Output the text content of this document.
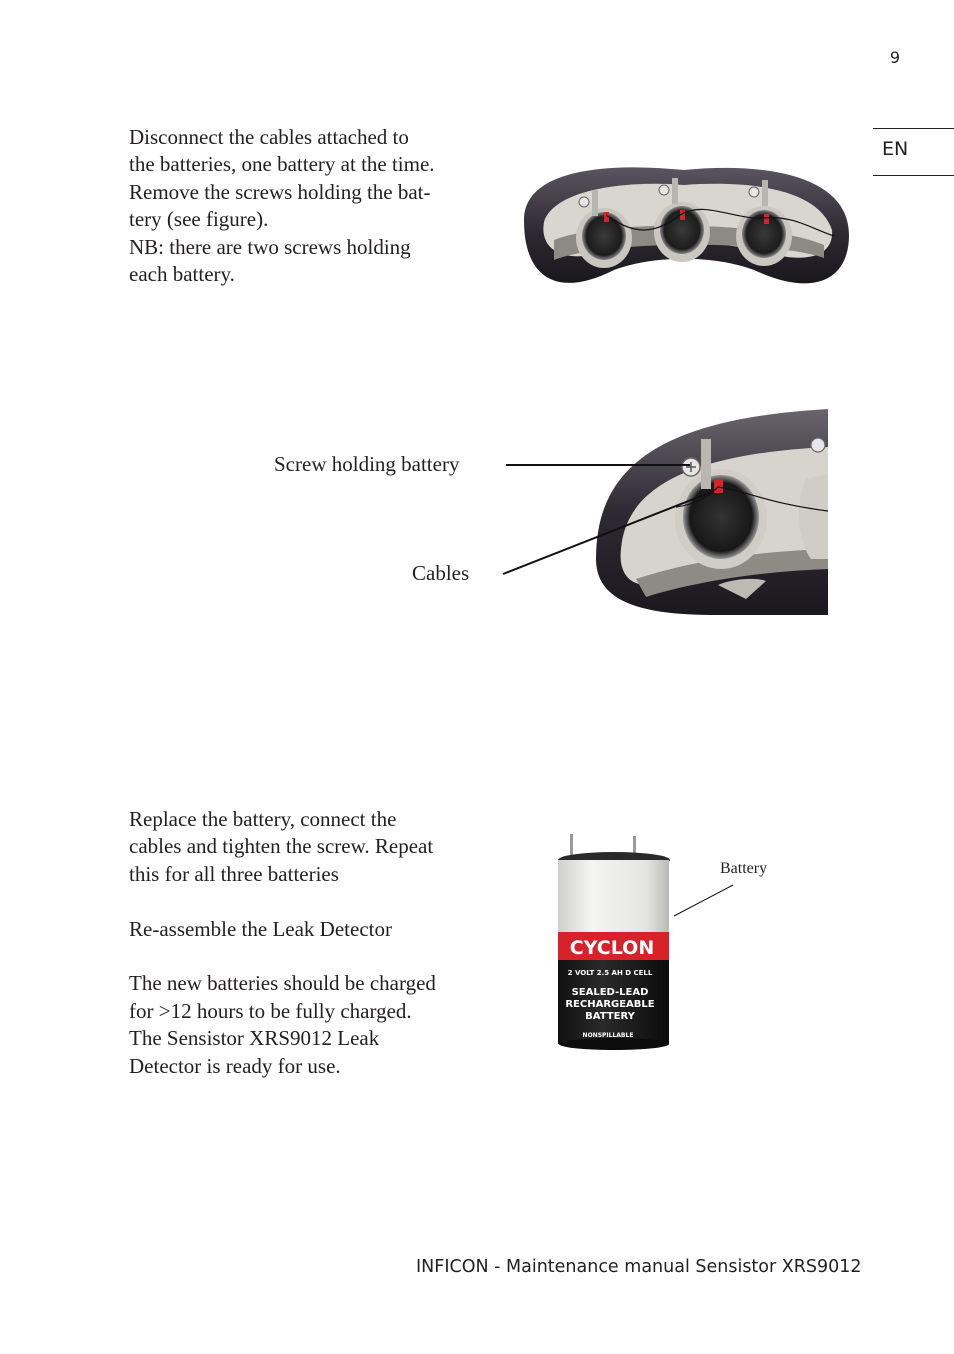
9
EN

Disconnect the cables attached to

the batteries, one battery at the time.

Remove the screws holding the bat-

tery (see figure).

NB: there are two screws holding

each battery.

Screw holding battery
Cables

Replace the battery, connect the

cables and tighten the screw. Repeat

this for all three batteries

Re-assemble the Leak Detector

The new batteries should be charged

for >12 hours to be fully charged.

The Sensistor XRS9012 Leak

Detector is ready for use.

Battery
CYCLON
2 VOLT 2.5 AH D CELL
SEALED-LEAD
RECHARGEABLE
BATTERY
NONSPILLABLE
INFICON - Maintenance manual Sensistor XRS9012
